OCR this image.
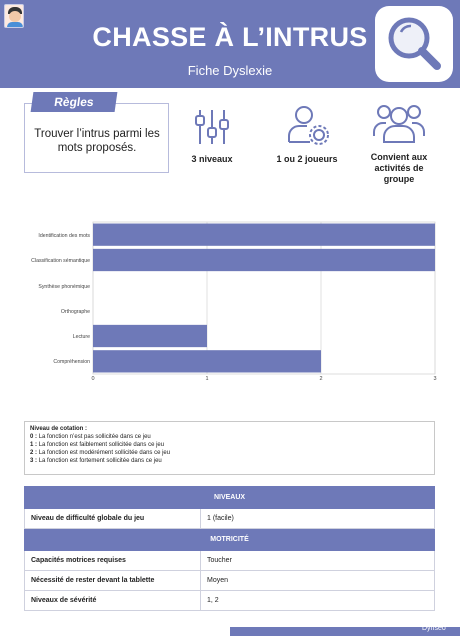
CHASSE À L’INTRUS
Fiche Dyslexie
Règles
Trouver l’intrus parmi les mots proposés.
3 niveaux	1 ou 2 joueurs	Convient aux activités de groupe
Identification des mots
Classification sémantique
Synthèse phonémique
Orthographe
Lecture
Compréhension
0	1	2	3
Niveau de cotation :
0 : La fonction n’est pas sollicitée dans ce jeu
1 : La fonction est faiblement sollicitée dans ce jeu
2 : La fonction est modérément sollicitée dans ce jeu
3 : La fonction est fortement sollicitée dans ce jeu
NIVEAUX	
Niveau de difficulté globale du jeu	1 (facile)
MOTRICITÉ	
Capacités motrices requises	Toucher
Nécessité de rester devant la tablette	Moyen
Niveaux de sévérité	1, 2
Dynseo
